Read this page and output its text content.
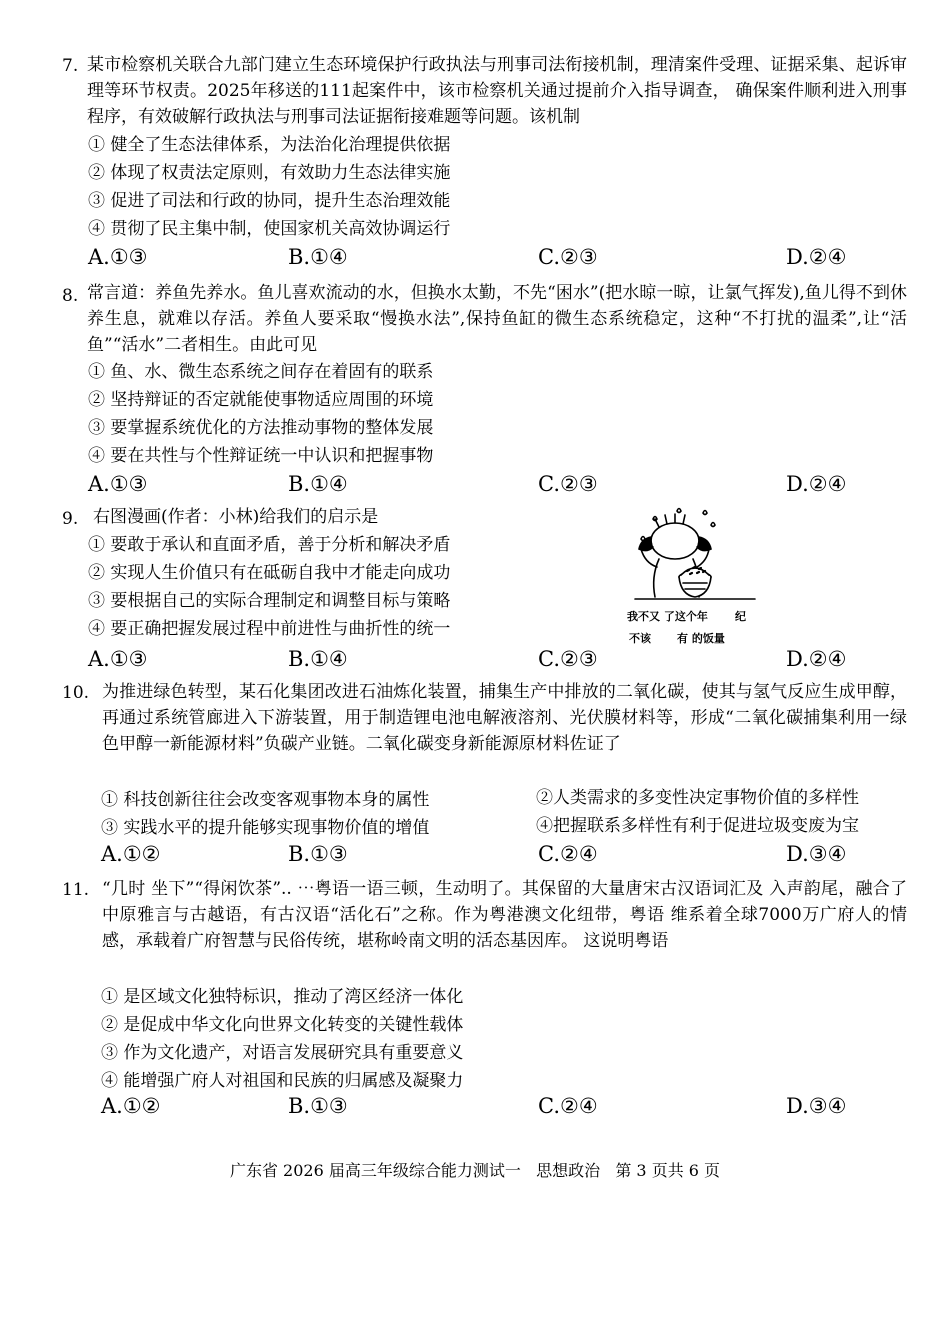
7. 某市检察机关联合九部门建立生态环境保护行政执法与刑事司法衔接机制，理清案件受理、证据采集、起诉审理等环节权责。2025年移送的111起案件中，该市检察机关通过提前介入指导调查， 确保案件顺利进入刑事程序，有效破解行政执法与刑事司法证据衔接难题等问题。该机制
① 健全了生态法律体系，为法治化治理提供依据
② 体现了权责法定原则，有效助力生态法律实施
③ 促进了司法和行政的协同，提升生态治理效能
④ 贯彻了民主集中制，使国家机关高效协调运行
A.①③	B.①④	C.②③	D.②④
8. 常言道：养鱼先养水。鱼儿喜欢流动的水，但换水太勤，不先“困水”(把水晾一晾，让氯气挥发),鱼儿得不到休养生息，就难以存活。养鱼人要采取“慢换水法”,保持鱼缸的微生态系统稳定，这种“不打扰的温柔”,让“活鱼”“活水”二者相生。由此可见
① 鱼、水、微生态系统之间存在着固有的联系
② 坚持辩证的否定就能使事物适应周围的环境
③ 要掌握系统优化的方法推动事物的整体发展
④ 要在共性与个性辩证统一中认识和把握事物
A.①③	B.①④	C.②③	D.②④
9. 右图漫画(作者：小林)给我们的启示是
① 要敢于承认和直面矛盾，善于分析和解决矛盾
② 实现人生价值只有在砥砺自我中才能走向成功
③ 要根据自己的实际合理制定和调整目标与策略
④ 要正确把握发展过程中前进性与曲折性的统一
A.①③	B.①④	C.②③	D.②④
我不又 了这个年 纪
不该 有 的饭量
10. 为推进绿色转型，某石化集团改进石油炼化装置，捕集生产中排放的二氧化碳，使其与氢气反应生成甲醇，再通过系统管廊进入下游装置，用于制造锂电池电解液溶剂、光伏膜材料等，形成“二氧化碳捕集利用一绿色甲醇一新能源材料”负碳产业链。二氧化碳变身新能源原材料佐证了
① 科技创新往往会改变客观事物本身的属性	②人类需求的多变性决定事物价值的多样性
③ 实践水平的提升能够实现事物价值的增值	④把握联系多样性有利于促进垃圾变废为宝
A.①②	B.①③	C.②④	D.③④
11. “几时 坐下”“得闲饮茶”.. ⋯粤语一语三顿，生动明了。其保留的大量唐宋古汉语词汇及 入声韵尾，融合了中原雅言与古越语，有古汉语“活化石”之称。作为粤港澳文化纽带，粤语 维系着全球7000万广府人的情感，承载着广府智慧与民俗传统，堪称岭南文明的活态基因库。 这说明粤语
① 是区域文化独特标识，推动了湾区经济一体化
② 是促成中华文化向世界文化转变的关键性载体
③ 作为文化遗产，对语言发展研究具有重要意义
④ 能增强广府人对祖国和民族的归属感及凝聚力
A.①②	B.①③	C.②④	D.③④
广东省 2026 届高三年级综合能力测试一   思想政治   第 3 页共 6 页
